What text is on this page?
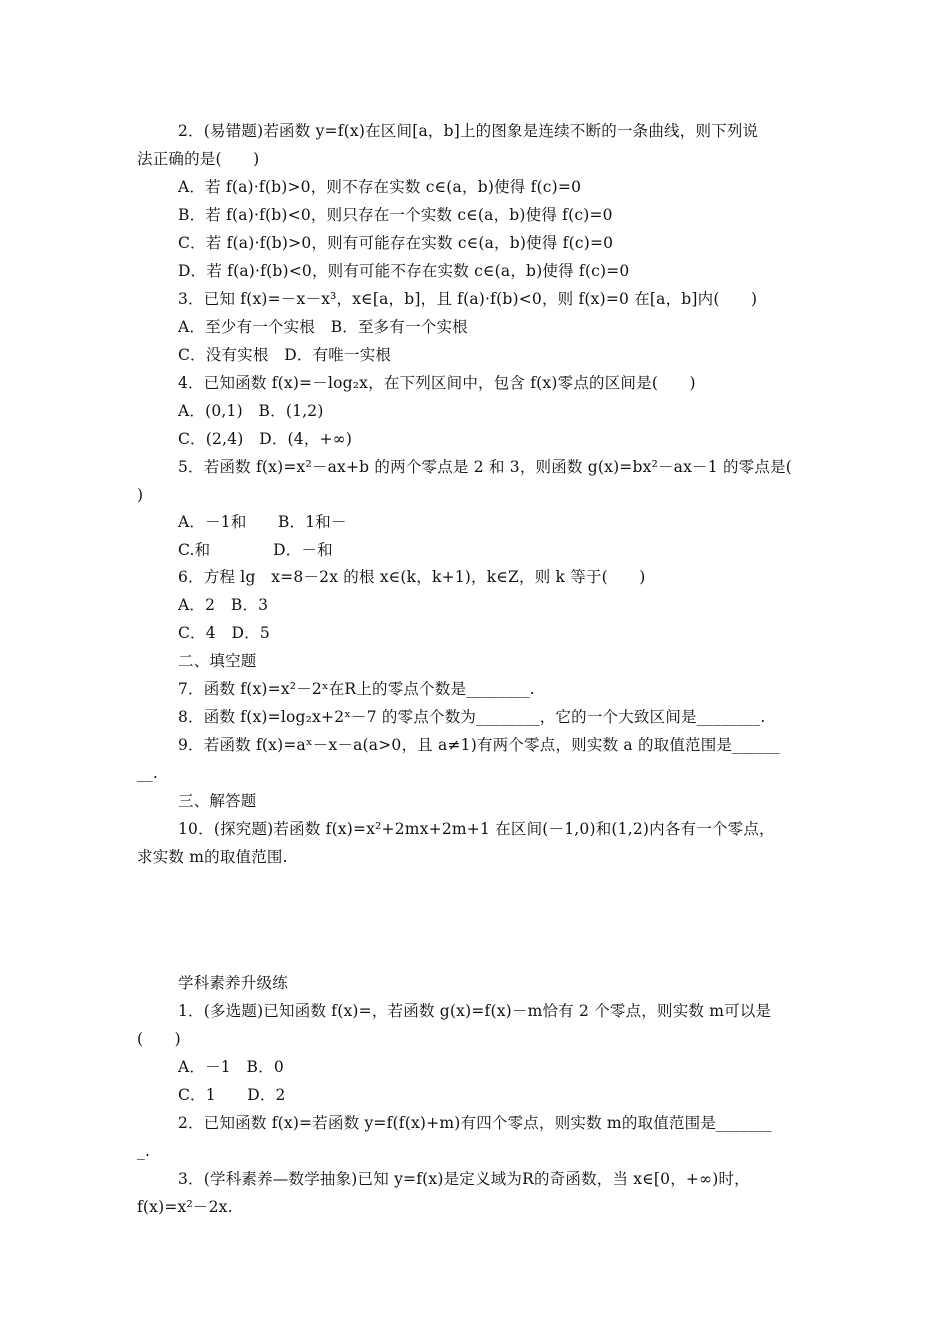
2．(易错题)若函数 y=f(x)在区间[a，b]上的图象是连续不断的一条曲线，则下列说
法正确的是(　　)
A．若 f(a)·f(b)>0，则不存在实数 c∈(a，b)使得 f(c)=0
B．若 f(a)·f(b)<0，则只存在一个实数 c∈(a，b)使得 f(c)=0
C．若 f(a)·f(b)>0，则有可能存在实数 c∈(a，b)使得 f(c)=0
D．若 f(a)·f(b)<0，则有可能不存在实数 c∈(a，b)使得 f(c)=0
3．已知 f(x)=－x－x³，x∈[a，b]，且 f(a)·f(b)<0，则 f(x)=0 在[a，b]内(　　)
A．至少有一个实根　B．至多有一个实根
C．没有实根　D．有唯一实根
4．已知函数 f(x)=－log₂x，在下列区间中，包含 f(x)零点的区间是(　　)
A．(0,1)　B．(1,2)
C．(2,4)　D．(4，+∞)
5．若函数 f(x)=x²－ax+b 的两个零点是 2 和 3，则函数 g(x)=bx²－ax－1 的零点是(
)
A．－1和　　B．1和－
C.和　　　　D．－和
6．方程 lg　x=8－2x 的根 x∈(k，k+1)，k∈Z，则 k 等于(　　)
A．2　B．3
C．4　D．5
二、填空题
7．函数 f(x)=x²－2ˣ在R上的零点个数是________.
8．函数 f(x)=log₂x+2ˣ－7 的零点个数为________，它的一个大致区间是________.
9．若函数 f(x)=aˣ－x－a(a>0，且 a≠1)有两个零点，则实数 a 的取值范围是______
__.
三、解答题
10．(探究题)若函数 f(x)=x²+2mx+2m+1 在区间(－1,0)和(1,2)内各有一个零点，
求实数 m的取值范围.
学科素养升级练
1．(多选题)已知函数 f(x)=，若函数 g(x)=f(x)－m恰有 2 个零点，则实数 m可以是
(　　)
A．－1　B．0
C．1　　D．2
2．已知函数 f(x)=若函数 y=f(f(x)+m)有四个零点，则实数 m的取值范围是_______
_.
3．(学科素养—数学抽象)已知 y=f(x)是定义域为R的奇函数，当 x∈[0，+∞)时，
f(x)=x²－2x.
